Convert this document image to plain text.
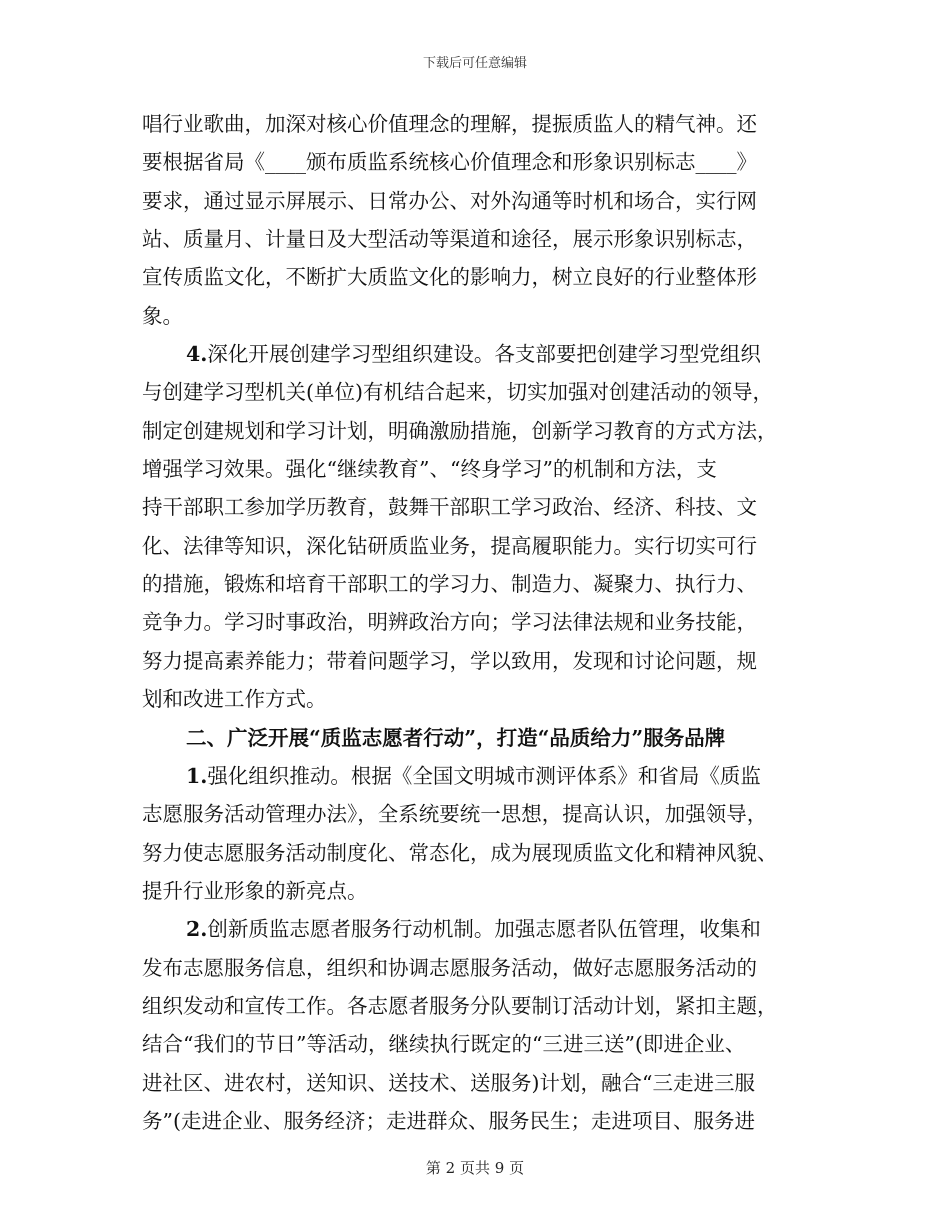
下载后可任意编辑
唱行业歌曲，加深对核心价值理念的理解，提振质监人的精气神。还
要根据省局《____颁布质监系统核心价值理念和形象识别标志____》
要求，通过显示屏展示、日常办公、对外沟通等时机和场合，实行网
站、质量月、计量日及大型活动等渠道和途径，展示形象识别标志，
宣传质监文化，不断扩大质监文化的影响力，树立良好的行业整体形
象。
4.深化开展创建学习型组织建设。各支部要把创建学习型党组织
与创建学习型机关(单位)有机结合起来，切实加强对创建活动的领导，
制定创建规划和学习计划，明确激励措施，创新学习教育的方式方法，
增强学习效果。强化“继续教育”、“终身学习”的机制和方法，支
持干部职工参加学历教育，鼓舞干部职工学习政治、经济、科技、文
化、法律等知识，深化钻研质监业务，提高履职能力。实行切实可行
的措施，锻炼和培育干部职工的学习力、制造力、凝聚力、执行力、
竞争力。学习时事政治，明辨政治方向；学习法律法规和业务技能，
努力提高素养能力；带着问题学习，学以致用，发现和讨论问题，规
划和改进工作方式。
二、广泛开展“质监志愿者行动”，打造“品质给力”服务品牌
1.强化组织推动。根据《全国文明城市测评体系》和省局《质监
志愿服务活动管理办法》，全系统要统一思想，提高认识，加强领导，
努力使志愿服务活动制度化、常态化，成为展现质监文化和精神风貌、
提升行业形象的新亮点。
2.创新质监志愿者服务行动机制。加强志愿者队伍管理，收集和
发布志愿服务信息，组织和协调志愿服务活动，做好志愿服务活动的
组织发动和宣传工作。各志愿者服务分队要制订活动计划，紧扣主题，
结合“我们的节日”等活动，继续执行既定的“三进三送”(即进企业、
进社区、进农村，送知识、送技术、送服务)计划，融合“三走进三服
务”(走进企业、服务经济；走进群众、服务民生；走进项目、服务进
第 2 页共 9 页
